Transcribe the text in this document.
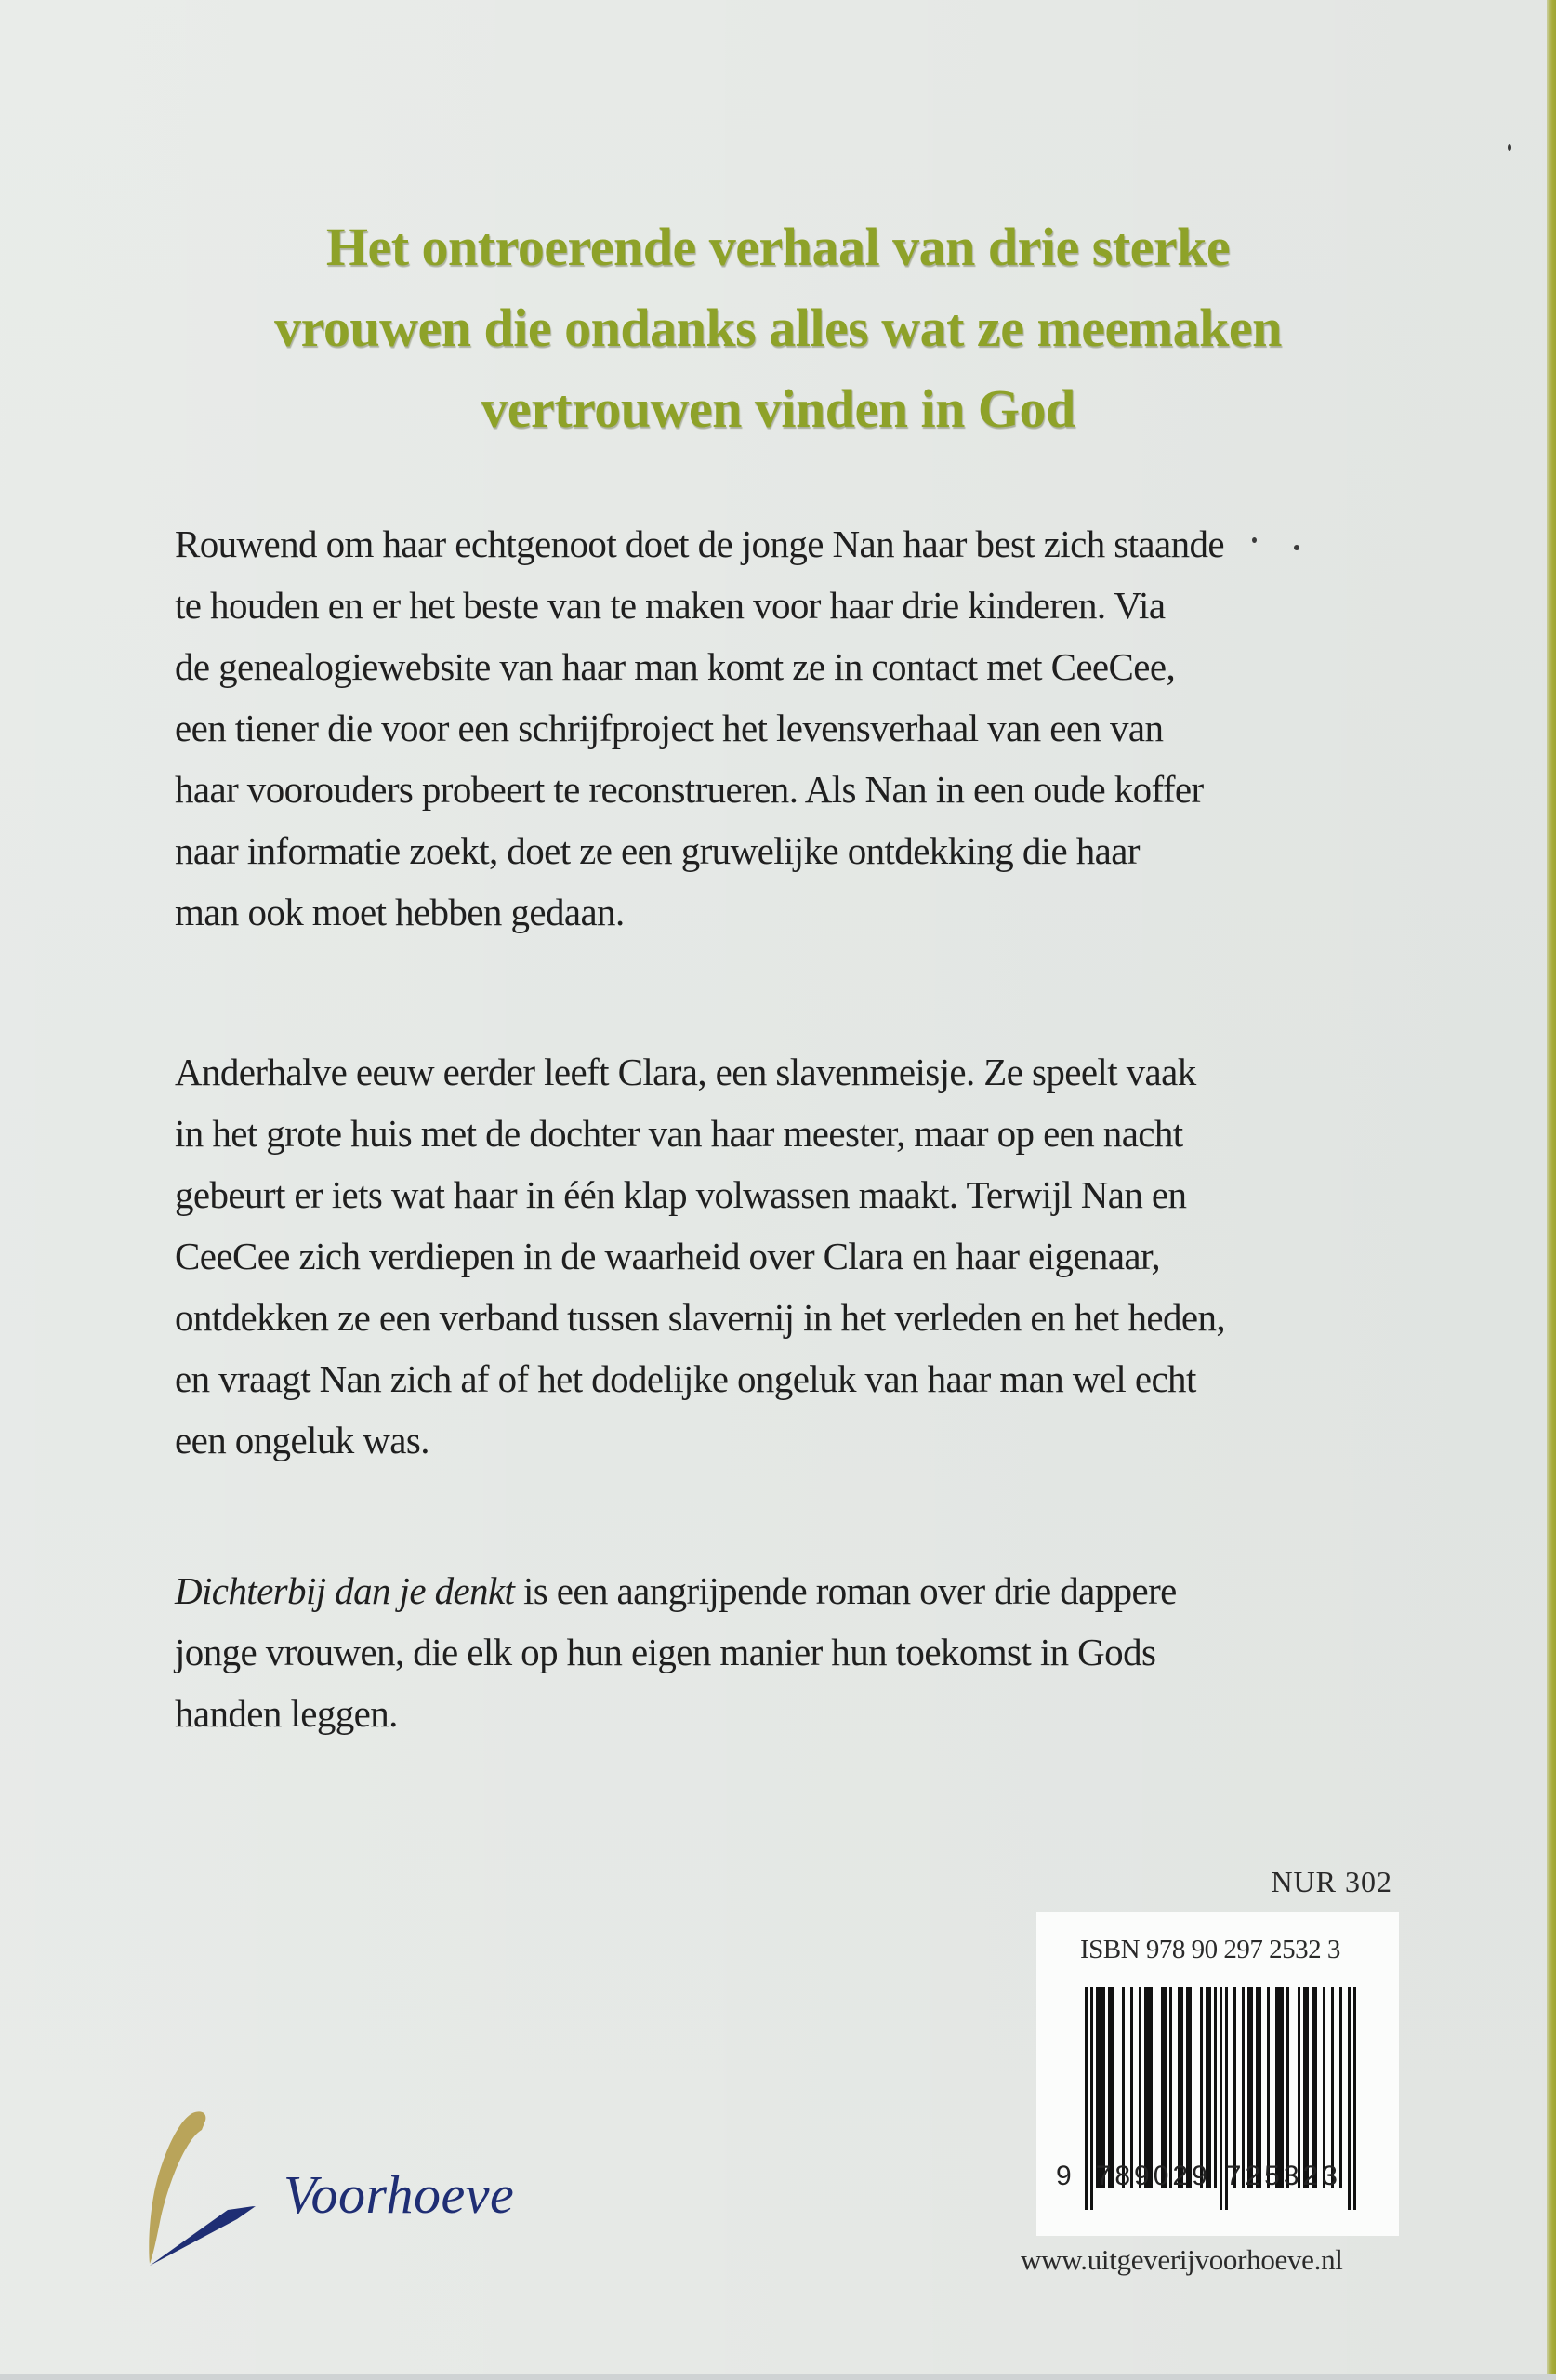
Het ontroerende verhaal van drie sterke
vrouwen die ondanks alles wat ze meemaken
vertrouwen vinden in God
Rouwend om haar echtgenoot doet de jonge Nan haar best zich staande
te houden en er het beste van te maken voor haar drie kinderen. Via
de genealogiewebsite van haar man komt ze in contact met CeeCee,
een tiener die voor een schrijfproject het levensverhaal van een van
haar voorouders probeert te reconstrueren. Als Nan in een oude koffer
naar informatie zoekt, doet ze een gruwelijke ontdekking die haar
man ook moet hebben gedaan.
Anderhalve eeuw eerder leeft Clara, een slavenmeisje. Ze speelt vaak
in het grote huis met de dochter van haar meester, maar op een nacht
gebeurt er iets wat haar in één klap volwassen maakt. Terwijl Nan en
CeeCee zich verdiepen in de waarheid over Clara en haar eigenaar,
ontdekken ze een verband tussen slavernij in het verleden en het heden,
en vraagt Nan zich af of het dodelijke ongeluk van haar man wel echt
een ongeluk was.
Dichterbij dan je denkt is een aangrijpende roman over drie dappere
jonge vrouwen, die elk op hun eigen manier hun toekomst in Gods
handen leggen.
NUR 302
ISBN 978 90 297 2532 3
9 789029 725323
www.uitgeverijvoorhoeve.nl
Voorhoeve
